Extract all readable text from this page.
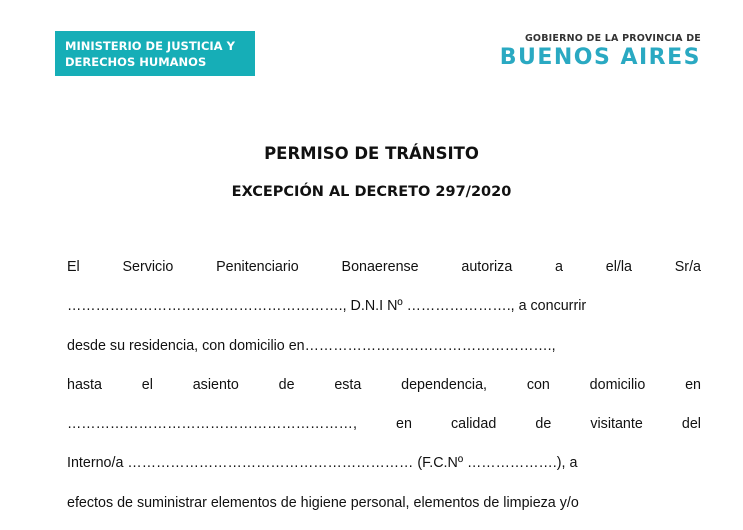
MINISTERIO DE JUSTICIA Y
DERECHOS HUMANOS
GOBIERNO DE LA PROVINCIA DE
BUENOS AIRES
PERMISO DE TRÁNSITO
EXCEPCIÓN AL DECRETO 297/2020
El	Servicio	Penitenciario	Bonaerense	autoriza	a	el/la	Sr/a
…………………………………………………., D.N.I Nº …………………., a concurrir
desde su residencia, con domicilio en…………………………………………….,
hasta	el	asiento	de	esta	dependencia,	con	domicilio	en
……………………………………………………,	en	calidad	de	visitante	del
Interno/a …………………………………………………… (F.C.Nº ……………….), a
efectos de suministrar elementos de higiene personal, elementos de limpieza y/o
